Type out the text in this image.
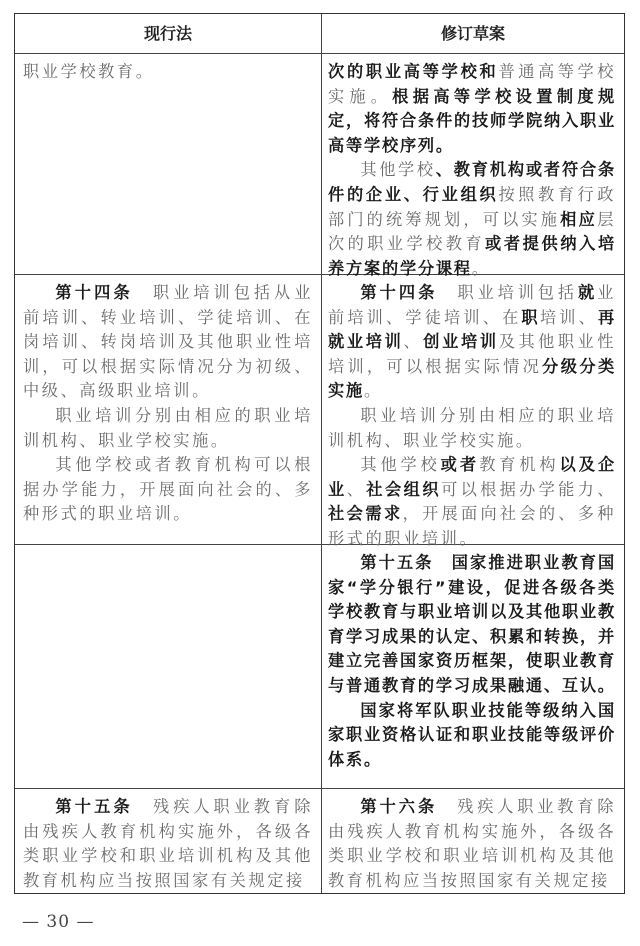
现行法	修订草案

职业学校教育。	次的职业高等学校和普通高等学校实施。根据高等学校设置制度规定，将符合条件的技师学院纳入职业高等学校序列。

其他学校、教育机构或者符合条件的企业、行业组织按照教育行政部门的统筹规划，可以实施相应层次的职业学校教育或者提供纳入培养方案的学分课程。

第十四条　职业培训包括从业前培训、转业培训、学徒培训、在岗培训、转岗培训及其他职业性培训，可以根据实际情况分为初级、中级、高级职业培训。

职业培训分别由相应的职业培训机构、职业学校实施。

其他学校或者教育机构可以根据办学能力，开展面向社会的、多种形式的职业培训。

第十四条　职业培训包括就业前培训、学徒培训、在职培训、再就业培训、创业培训及其他职业性培训，可以根据实际情况分级分类实施。

职业培训分别由相应的职业培训机构、职业学校实施。

其他学校或者教育机构以及企业、社会组织可以根据办学能力、社会需求，开展面向社会的、多种形式的职业培训。

第十五条　国家推进职业教育国家“学分银行”建设，促进各级各类学校教育与职业培训以及其他职业教育学习成果的认定、积累和转换，并建立完善国家资历框架，使职业教育与普通教育的学习成果融通、互认。

国家将军队职业技能等级纳入国家职业资格认证和职业技能等级评价体系。

第十五条　残疾人职业教育除由残疾人教育机构实施外，各级各类职业学校和职业培训机构及其他教育机构应当按照国家有关规定接

第十六条　残疾人职业教育除由残疾人教育机构实施外，各级各类职业学校和职业培训机构及其他教育机构应当按照国家有关规定接

— 30 —
